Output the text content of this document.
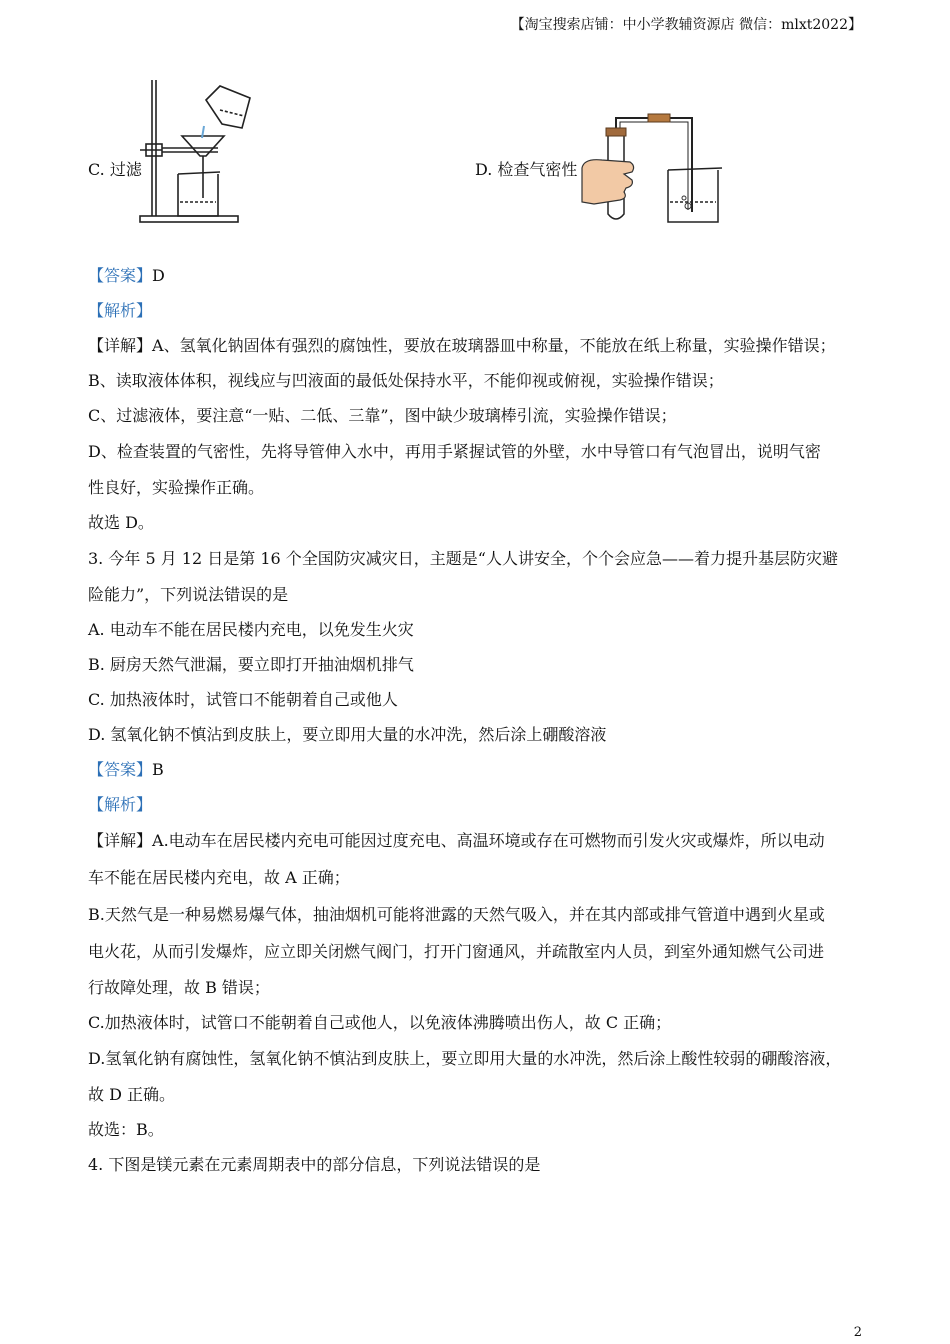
【淘宝搜索店铺：中小学教辅资源店 微信：mlxt2022】
C. 过滤	D. 检查气密性
【答案】D
【解析】
【详解】A、氢氧化钠固体有强烈的腐蚀性，要放在玻璃器皿中称量，不能放在纸上称量，实验操作错误；
B、读取液体体积，视线应与凹液面的最低处保持水平，不能仰视或俯视，实验操作错误；
C、过滤液体，要注意“一贴、二低、三靠”，图中缺少玻璃棒引流，实验操作错误；
D、检查装置的气密性，先将导管伸入水中，再用手紧握试管的外壁，水中导管口有气泡冒出，说明气密
性良好，实验操作正确。
故选 D。
3. 今年 5 月 12 日是第 16 个全国防灾减灾日，主题是“人人讲安全，个个会应急——着力提升基层防灾避
险能力”，下列说法错误的是
A. 电动车不能在居民楼内充电，以免发生火灾
B. 厨房天然气泄漏，要立即打开抽油烟机排气
C. 加热液体时，试管口不能朝着自己或他人
D. 氢氧化钠不慎沾到皮肤上，要立即用大量的水冲洗，然后涂上硼酸溶液
【答案】B
【解析】
【详解】A.电动车在居民楼内充电可能因过度充电、高温环境或存在可燃物而引发火灾或爆炸，所以电动
车不能在居民楼内充电，故 A 正确；
B.天然气是一种易燃易爆气体，抽油烟机可能将泄露的天然气吸入，并在其内部或排气管道中遇到火星或
电火花，从而引发爆炸，应立即关闭燃气阀门，打开门窗通风，并疏散室内人员，到室外通知燃气公司进
行故障处理，故 B 错误；
C.加热液体时，试管口不能朝着自己或他人，以免液体沸腾喷出伤人，故 C 正确；
D.氢氧化钠有腐蚀性，氢氧化钠不慎沾到皮肤上，要立即用大量的水冲洗，然后涂上酸性较弱的硼酸溶液，
故 D 正确。
故选：B。
4. 下图是镁元素在元素周期表中的部分信息，下列说法错误的是
2
